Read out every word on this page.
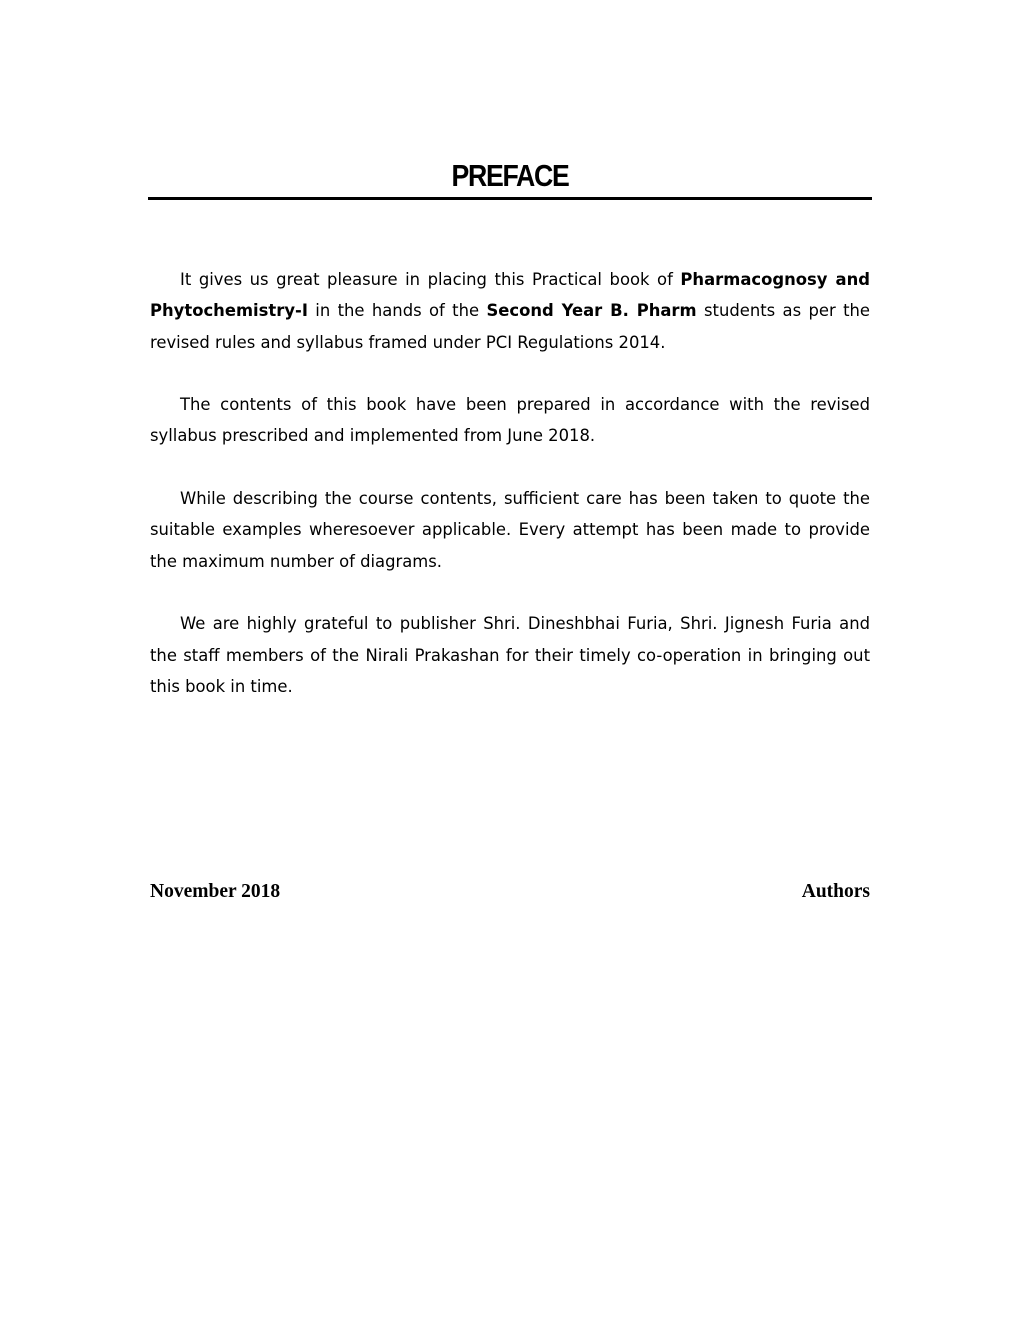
PREFACE

It gives us great pleasure in placing this Practical book of Pharmacognosy and Phytochemistry-I in the hands of the Second Year B. Pharm students as per the revised rules and syllabus framed under PCI Regulations 2014.

The contents of this book have been prepared in accordance with the revised syllabus prescribed and implemented from June 2018.

While describing the course contents, sufficient care has been taken to quote the suitable examples wheresoever applicable. Every attempt has been made to provide the maximum number of diagrams.

We are highly grateful to publisher Shri. Dineshbhai Furia, Shri. Jignesh Furia and the staff members of the Nirali Prakashan for their timely co-operation in bringing out this book in time.

November 2018	Authors
